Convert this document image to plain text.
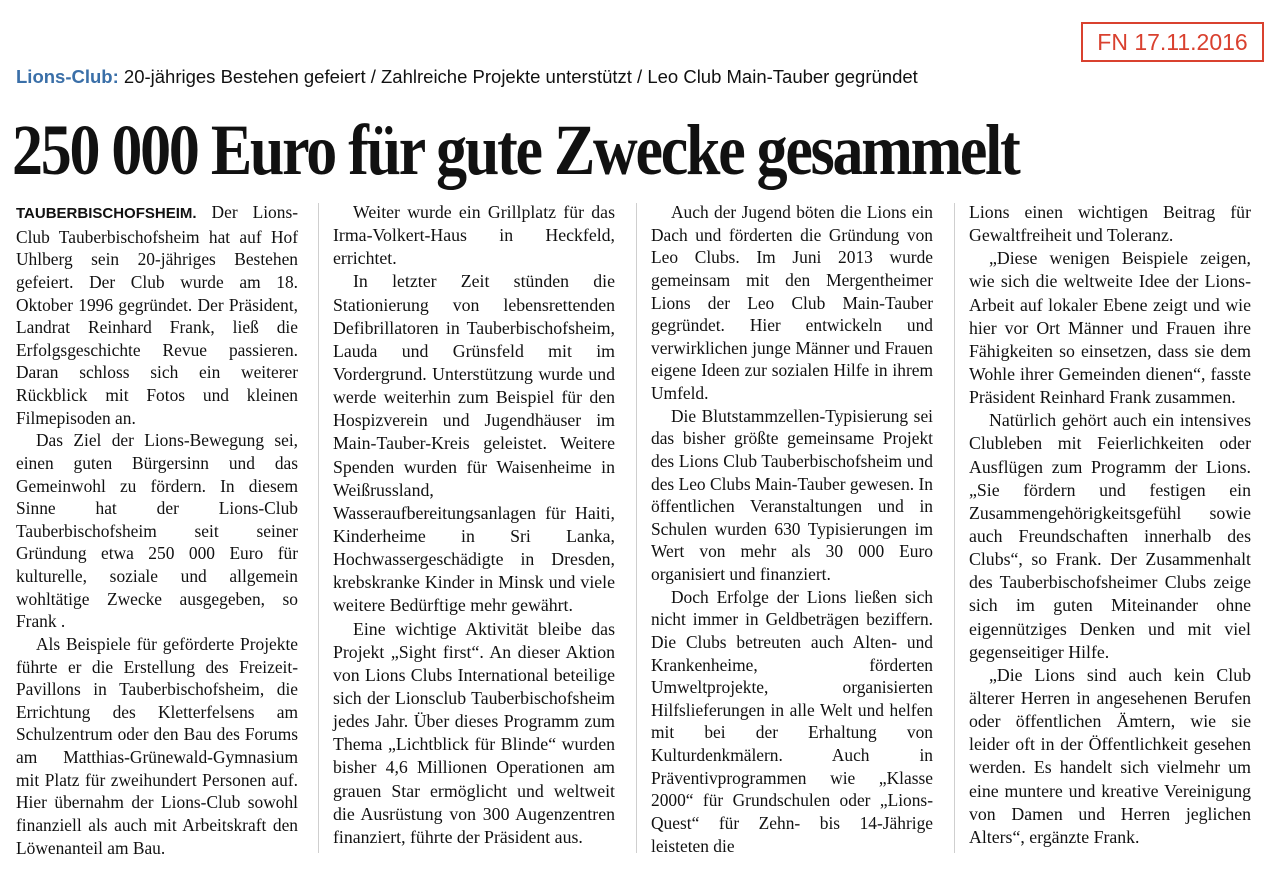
FN 17.11.2016
Lions-Club: 20-jähriges Bestehen gefeiert / Zahlreiche Projekte unterstützt / Leo Club Main-Tauber gegründet
250 000 Euro für gute Zwecke gesammelt

TAUBERBISCHOFSHEIM. Der Lions-Club Tauberbischofsheim hat auf Hof Uhlberg sein 20-jähriges Bestehen gefeiert. Der Club wurde am 18. Oktober 1996 gegründet. Der Präsident, Landrat Reinhard Frank, ließ die Erfolgsgeschichte Revue passieren. Daran schloss sich ein weiterer Rückblick mit Fotos und kleinen Filmepisoden an.

Das Ziel der Lions-Bewegung sei, einen guten Bürgersinn und das Gemeinwohl zu fördern. In diesem Sinne hat der Lions-Club Tauberbischofsheim seit seiner Gründung etwa 250 000 Euro für kulturelle, soziale und allgemein wohltätige Zwecke ausgegeben, so Frank .

Als Beispiele für geförderte Projekte führte er die Erstellung des Freizeit-Pavillons in Tauberbischofsheim, die Errichtung des Kletterfelsens am Schulzentrum oder den Bau des Forums am Matthias-Grünewald-Gymnasium mit Platz für zweihundert Personen auf. Hier übernahm der Lions-Club sowohl finanziell als auch mit Arbeitskraft den Löwenanteil am Bau.

Weiter wurde ein Grillplatz für das Irma-Volkert-Haus in Heckfeld, errichtet.

In letzter Zeit stünden die Stationierung von lebensrettenden Defibrillatoren in Tauberbischofsheim, Lauda und Grünsfeld mit im Vordergrund. Unterstützung wurde und werde weiterhin zum Beispiel für den Hospizverein und Jugendhäuser im Main-Tauber-Kreis geleistet. Weitere Spenden wurden für Waisenheime in Weißrussland, Wasseraufbereitungsanlagen für Haiti, Kinderheime in Sri Lanka, Hochwassergeschädigte in Dresden, krebskranke Kinder in Minsk und viele weitere Bedürftige mehr gewährt.

Eine wichtige Aktivität bleibe das Projekt „Sight first“. An dieser Aktion von Lions Clubs International beteilige sich der Lionsclub Tauberbischofsheim jedes Jahr. Über dieses Programm zum Thema „Lichtblick für Blinde“ wurden bisher 4,6 Millionen Operationen am grauen Star ermöglicht und weltweit die Ausrüstung von 300 Augenzentren finanziert, führte der Präsident aus.

Auch der Jugend böten die Lions ein Dach und förderten die Gründung von Leo Clubs. Im Juni 2013 wurde gemeinsam mit den Mergentheimer Lions der Leo Club Main-Tauber gegründet. Hier entwickeln und verwirklichen junge Männer und Frauen eigene Ideen zur sozialen Hilfe in ihrem Umfeld.

Die Blutstammzellen-Typisierung sei das bisher größte gemeinsame Projekt des Lions Club Tauberbischofsheim und des Leo Clubs Main-Tauber gewesen. In öffentlichen Veranstaltungen und in Schulen wurden 630 Typisierungen im Wert von mehr als 30 000 Euro organisiert und finanziert.

Doch Erfolge der Lions ließen sich nicht immer in Geldbeträgen beziffern. Die Clubs betreuten auch Alten- und Krankenheime, förderten Umweltprojekte, organisierten Hilfslieferungen in alle Welt und helfen mit bei der Erhaltung von Kulturdenkmälern. Auch in Präventivprogrammen wie „Klasse 2000“ für Grundschulen oder „Lions-Quest“ für Zehn- bis 14-Jährige leisteten die

Lions einen wichtigen Beitrag für Gewaltfreiheit und Toleranz.

„Diese wenigen Beispiele zeigen, wie sich die weltweite Idee der Lions-Arbeit auf lokaler Ebene zeigt und wie hier vor Ort Männer und Frauen ihre Fähigkeiten so einsetzen, dass sie dem Wohle ihrer Gemeinden dienen“, fasste Präsident Reinhard Frank zusammen.

Natürlich gehört auch ein intensives Clubleben mit Feierlichkeiten oder Ausflügen zum Programm der Lions. „Sie fördern und festigen ein Zusammengehörigkeitsgefühl sowie auch Freundschaften innerhalb des Clubs“, so Frank. Der Zusammenhalt des Tauberbischofsheimer Clubs zeige sich im guten Miteinander ohne eigennütziges Denken und mit viel gegenseitiger Hilfe.

„Die Lions sind auch kein Club älterer Herren in angesehenen Berufen oder öffentlichen Ämtern, wie sie leider oft in der Öffentlichkeit gesehen werden. Es handelt sich vielmehr um eine muntere und kreative Vereinigung von Damen und Herren jeglichen Alters“, ergänzte Frank.
